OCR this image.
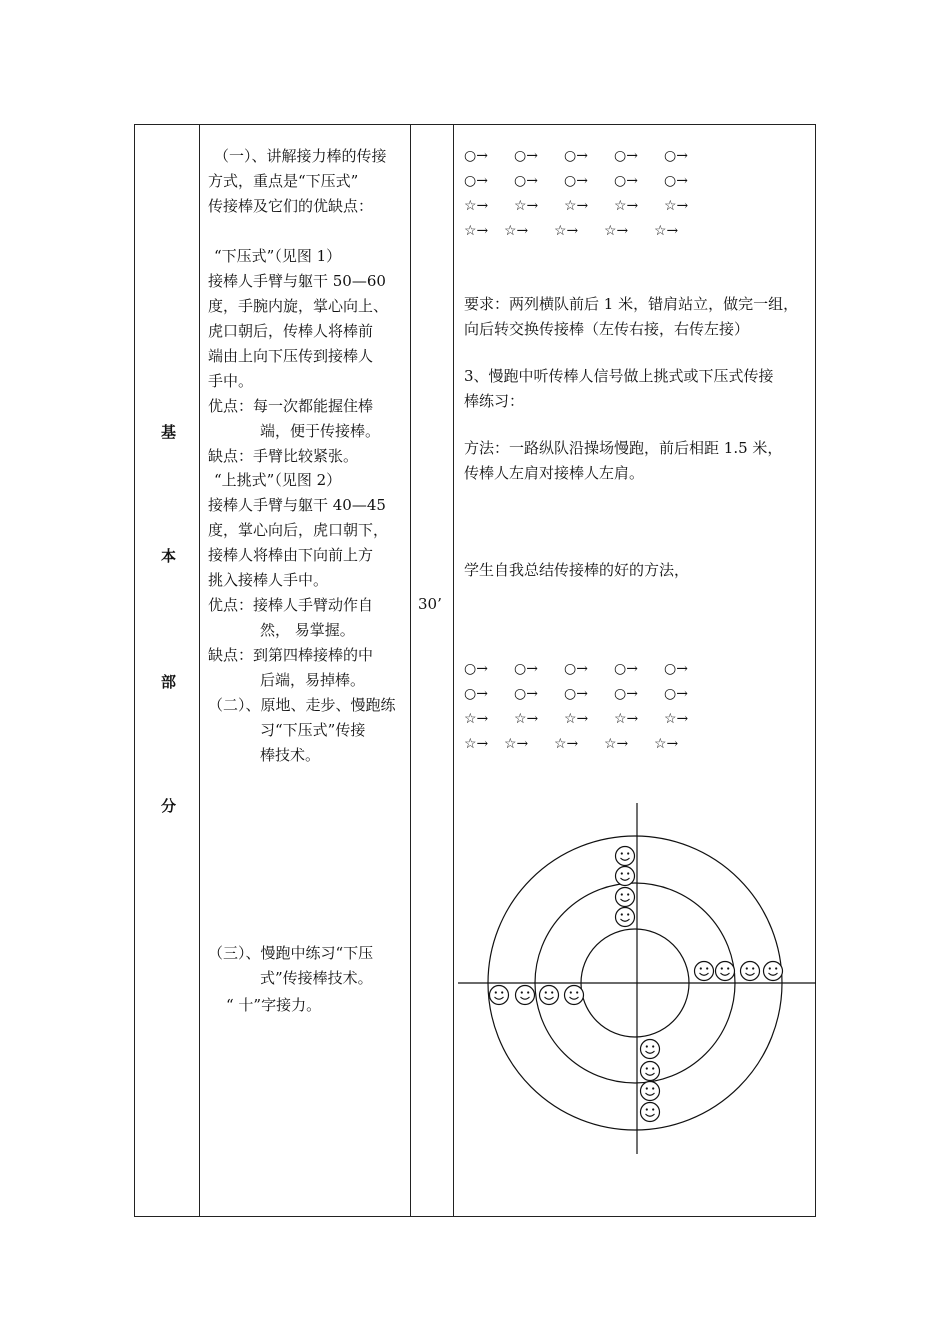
基
本
部
分
（一）、讲解接力棒的传接
方式，重点是“下压式”
传接棒及它们的优缺点：
“下压式”（见图 1）
接棒人手臂与躯干 50—60
度，手腕内旋，掌心向上、
虎口朝后，传棒人将棒前
端由上向下压传到接棒人
手中。
优点：每一次都能握住棒
端，便于传接棒。
缺点：手臂比较紧张。
“上挑式”（见图 2）
接棒人手臂与躯干 40—45
度，掌心向后，虎口朝下，
接棒人将棒由下向前上方
挑入接棒人手中。
优点：接棒人手臂动作自
然， 易掌握。
缺点：到第四棒接棒的中
后端，易掉棒。
（二）、原地、走步、慢跑练
习“下压式”传接
棒技术。
（三）、慢跑中练习“下压
式”传接棒技术。
“ 十”字接力。
30’
○→ ○→ ○→ ○→ ○→
○→ ○→ ○→ ○→ ○→
☆→ ☆→ ☆→ ☆→ ☆→
☆→ ☆→ ☆→ ☆→ ☆→
要求：两列横队前后 1 米，错肩站立，做完一组，
向后转交换传接棒（左传右接，右传左接）
3、慢跑中听传棒人信号做上挑式或下压式传接
棒练习：
方法：一路纵队沿操场慢跑，前后相距 1.5 米，
传棒人左肩对接棒人左肩。
学生自我总结传接棒的好的方法，
○→ ○→ ○→ ○→ ○→
○→ ○→ ○→ ○→ ○→
☆→ ☆→ ☆→ ☆→ ☆→
☆→ ☆→ ☆→ ☆→ ☆→
